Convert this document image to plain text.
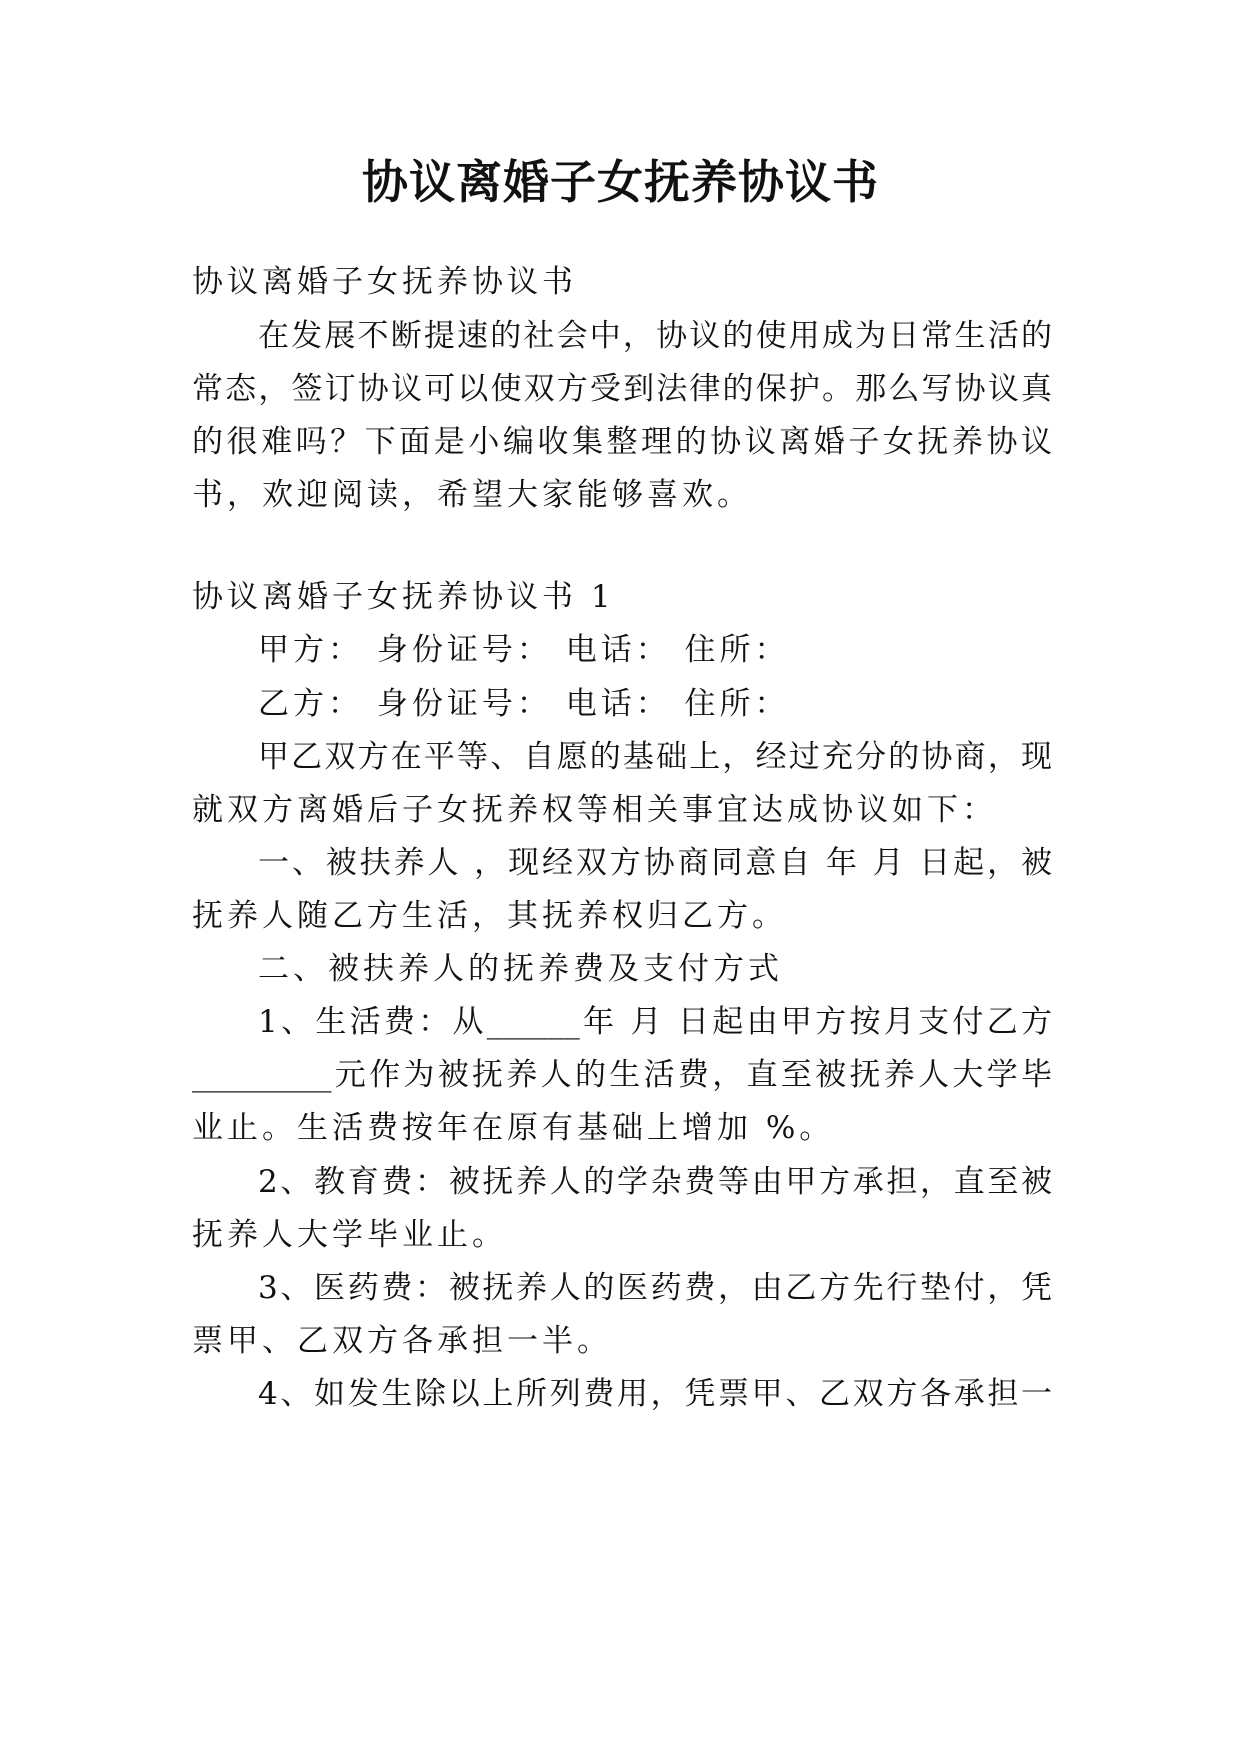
协议离婚子女抚养协议书
协议离婚子女抚养协议书
在发展不断提速的社会中，协议的使用成为日常生活的
常态，签订协议可以使双方受到法律的保护。那么写协议真
的很难吗？下面是小编收集整理的协议离婚子女抚养协议
书，欢迎阅读，希望大家能够喜欢。
协议离婚子女抚养协议书 1
甲方： 身份证号： 电话： 住所：
乙方： 身份证号： 电话： 住所：
甲乙双方在平等、自愿的基础上，经过充分的协商，现
就双方离婚后子女抚养权等相关事宜达成协议如下：
一、被扶养人 ，现经双方协商同意自 年 月 日起，被
抚养人随乙方生活，其抚养权归乙方。
二、被扶养人的抚养费及支付方式
1、生活费：从______年 月 日起由甲方按月支付乙方
_________元作为被抚养人的生活费，直至被抚养人大学毕
业止。生活费按年在原有基础上增加 %。
2、教育费：被抚养人的学杂费等由甲方承担，直至被
抚养人大学毕业止。
3、医药费：被抚养人的医药费，由乙方先行垫付，凭
票甲、乙双方各承担一半。
4、如发生除以上所列费用，凭票甲、乙双方各承担一
